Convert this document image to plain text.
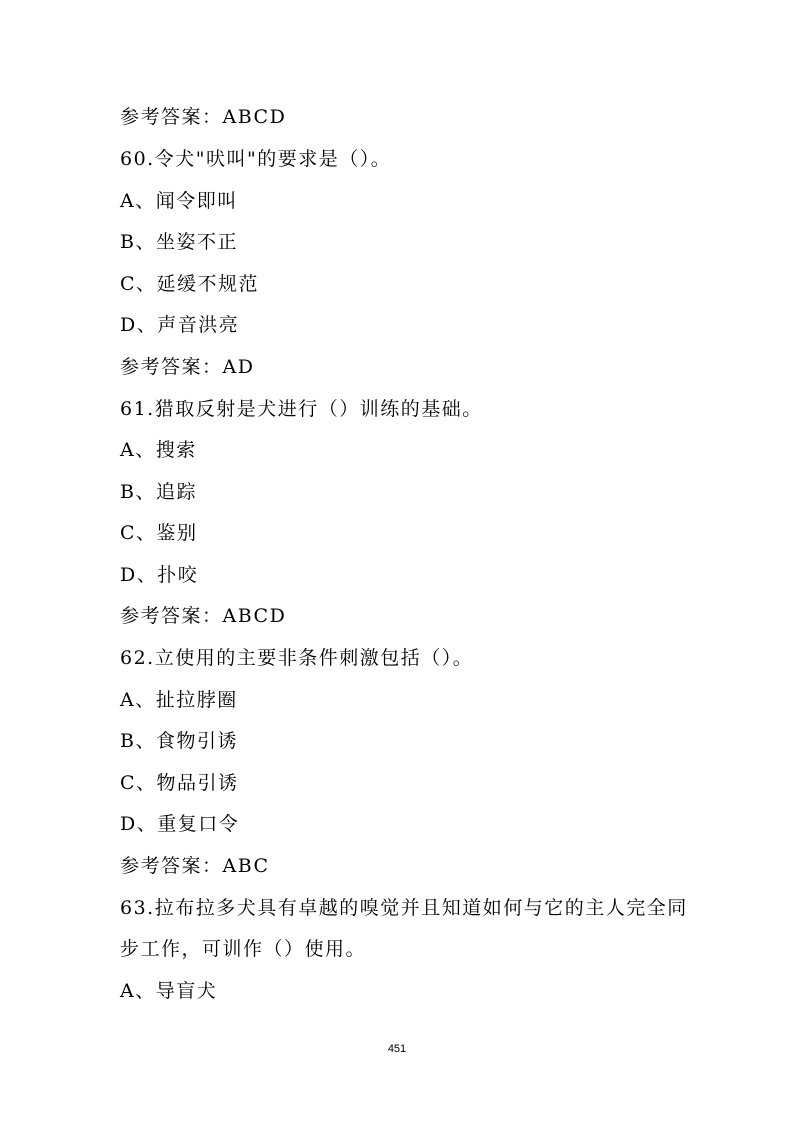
参考答案：ABCD
60.令犬"吠叫"的要求是（）。
A、闻令即叫
B、坐姿不正
C、延缓不规范
D、声音洪亮
参考答案：AD
61.猎取反射是犬进行（）训练的基础。
A、搜索
B、追踪
C、鉴别
D、扑咬
参考答案：ABCD
62.立使用的主要非条件刺激包括（）。
A、扯拉脖圈
B、食物引诱
C、物品引诱
D、重复口令
参考答案：ABC
63.拉布拉多犬具有卓越的嗅觉并且知道如何与它的主人完全同
步工作，可训作（）使用。
A、导盲犬
451
